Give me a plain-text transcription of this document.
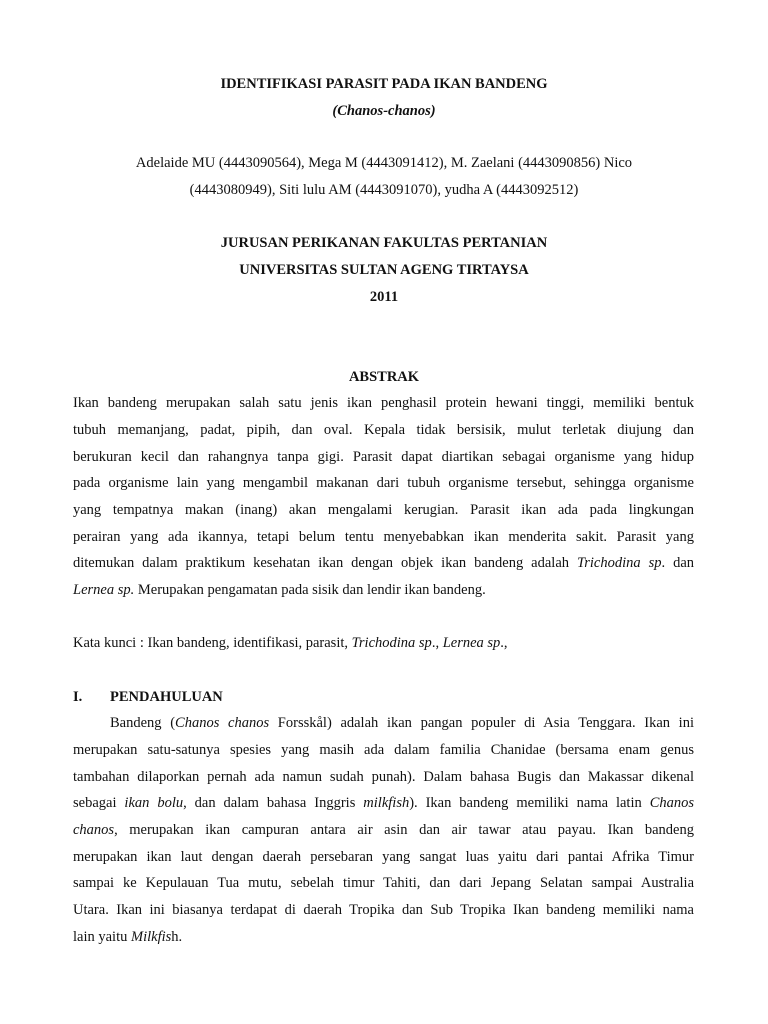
IDENTIFIKASI PARASIT PADA IKAN BANDENG
(Chanos-chanos)
Adelaide MU (4443090564), Mega M (4443091412), M. Zaelani (4443090856) Nico
(4443080949), Siti lulu AM (4443091070), yudha A (4443092512)
JURUSAN PERIKANAN FAKULTAS PERTANIAN
UNIVERSITAS SULTAN AGENG TIRTAYSA
2011
ABSTRAK
Ikan bandeng merupakan salah satu jenis ikan penghasil protein hewani tinggi, memiliki bentuk
tubuh memanjang, padat, pipih, dan oval. Kepala tidak bersisik, mulut terletak diujung dan
berukuran kecil dan rahangnya tanpa gigi. Parasit dapat diartikan sebagai organisme yang hidup
pada organisme lain yang mengambil makanan dari tubuh organisme tersebut, sehingga organisme
yang tempatnya makan (inang) akan mengalami kerugian. Parasit ikan ada pada lingkungan
perairan yang ada ikannya, tetapi belum tentu menyebabkan ikan menderita sakit. Parasit yang
ditemukan dalam praktikum kesehatan ikan dengan objek ikan bandeng adalah Trichodina sp. dan
Lernea sp. Merupakan pengamatan pada sisik dan lendir ikan bandeng.
Kata kunci : Ikan bandeng, identifikasi, parasit, Trichodina sp., Lernea sp.,
I. PENDAHULUAN
Bandeng (Chanos chanos Forsskål) adalah ikan pangan populer di Asia Tenggara. Ikan ini
merupakan satu-satunya spesies yang masih ada dalam familia Chanidae (bersama enam genus
tambahan dilaporkan pernah ada namun sudah punah). Dalam bahasa Bugis dan Makassar dikenal
sebagai ikan bolu, dan dalam bahasa Inggris milkfish). Ikan bandeng memiliki nama latin Chanos
chanos, merupakan ikan campuran antara air asin dan air tawar atau payau. Ikan bandeng
merupakan ikan laut dengan daerah persebaran yang sangat luas yaitu dari pantai Afrika Timur
sampai ke Kepulauan Tua mutu, sebelah timur Tahiti, dan dari Jepang Selatan sampai Australia
Utara. Ikan ini biasanya terdapat di daerah Tropika dan Sub Tropika Ikan bandeng memiliki nama
lain yaitu Milkfish.
